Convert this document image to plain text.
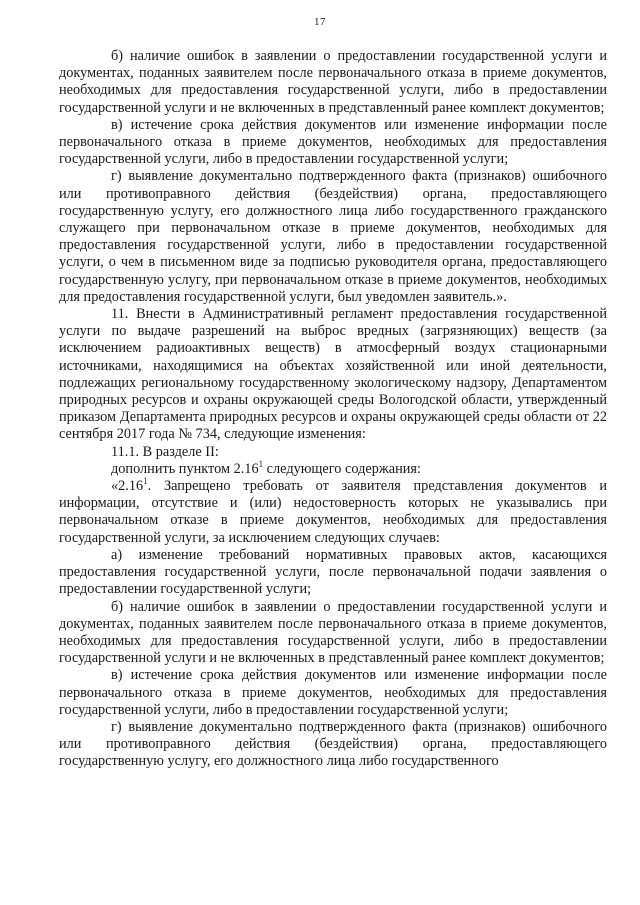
17

б) наличие ошибок в заявлении о предоставлении государственной услуги и документах, поданных заявителем после первоначального отказа в приеме документов, необходимых для предоставления государственной услуги, либо в предоставлении государственной услуги и не включенных в представленный ранее комплект документов;

в) истечение срока действия документов или изменение информации после первоначального отказа в приеме документов, необходимых для предоставления государственной услуги, либо в предоставлении государственной услуги;

г) выявление документально подтвержденного факта (признаков) ошибочного или противоправного действия (бездействия) органа, предоставляющего государственную услугу, его должностного лица либо государственного гражданского служащего при первоначальном отказе в приеме документов, необходимых для предоставления государственной услуги, либо в предоставлении государственной услуги, о чем в письменном виде за подписью руководителя органа, предоставляющего государственную услугу, при первоначальном отказе в приеме документов, необходимых для предоставления государственной услуги, был уведомлен заявитель.».

11. Внести в Административный регламент предоставления государственной услуги по выдаче разрешений на выброс вредных (загрязняющих) веществ (за исключением радиоактивных веществ) в атмосферный воздух стационарными источниками, находящимися на объектах хозяйственной или иной деятельности, подлежащих региональному государственному экологическому надзору, Департаментом природных ресурсов и охраны окружающей среды Вологодской области, утвержденный приказом Департамента природных ресурсов и охраны окружающей среды области от 22 сентября 2017 года № 734, следующие изменения:

11.1. В разделе II:

дополнить пунктом 2.16$^1$ следующего содержания:

«2.16$^1$. Запрещено требовать от заявителя представления документов и информации, отсутствие и (или) недостоверность которых не указывались при первоначальном отказе в приеме документов, необходимых для предоставления государственной услуги, за исключением следующих случаев:

а) изменение требований нормативных правовых актов, касающихся предоставления государственной услуги, после первоначальной подачи заявления о предоставлении государственной услуги;

б) наличие ошибок в заявлении о предоставлении государственной услуги и документах, поданных заявителем после первоначального отказа в приеме документов, необходимых для предоставления государственной услуги, либо в предоставлении государственной услуги и не включенных в представленный ранее комплект документов;

в) истечение срока действия документов или изменение информации после первоначального отказа в приеме документов, необходимых для предоставления государственной услуги, либо в предоставлении государственной услуги;

г) выявление документально подтвержденного факта (признаков) ошибочного или противоправного действия (бездействия) органа, предоставляющего государственную услугу, его должностного лица либо государственного
